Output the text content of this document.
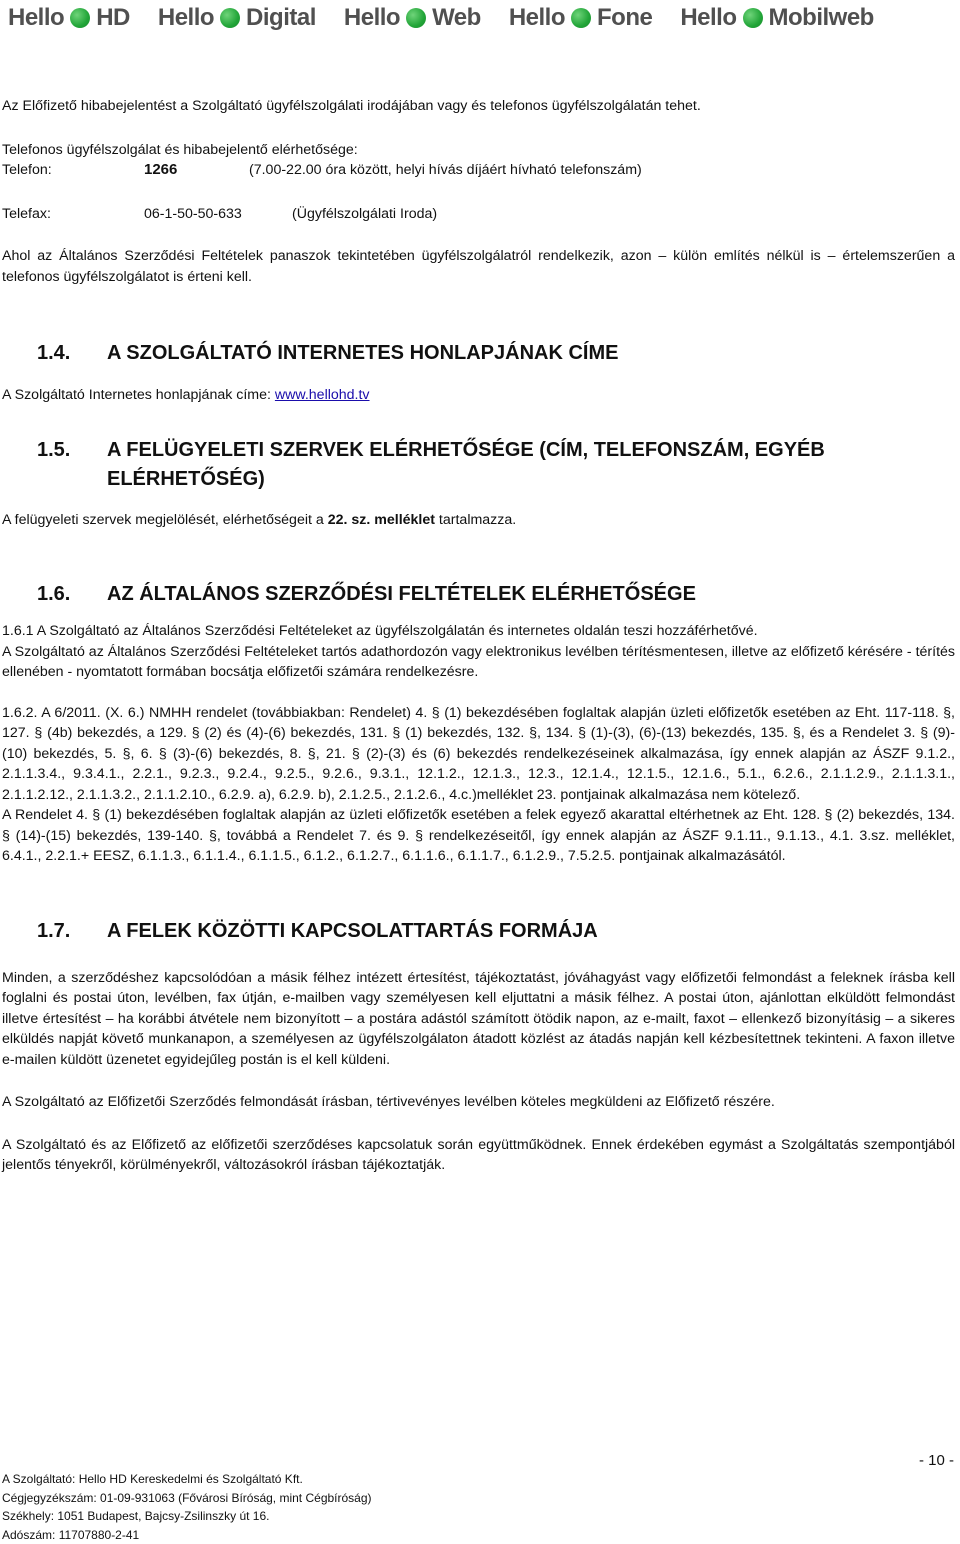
Hello HD Hello Digital Hello Web Hello Fone Hello Mobilweb

Az Előfizető hibabejelentést a Szolgáltató ügyfélszolgálati irodájában vagy és telefonos ügyfélszolgálatán tehet.

Telefonos ügyfélszolgálat és hibabejelentő elérhetősége:

Telefon:	1266	(7.00-22.00 óra között, helyi hívás díjáért hívható telefonszám)
Telefax:	06-1-50-50-633	(Ügyfélszolgálati Iroda)

Ahol az Általános Szerződési Feltételek panaszok tekintetében ügyfélszolgálatról rendelkezik, azon – külön említés nélkül is – értelemszerűen a telefonos ügyfélszolgálatot is érteni kell.

1.4.	A SZOLGÁLTATÓ INTERNETES HONLAPJÁNAK CÍME

A Szolgáltató Internetes honlapjának címe: www.hellohd.tv

1.5.	A FELÜGYELETI SZERVEK ELÉRHETŐSÉGE (CÍM, TELEFONSZÁM, EGYÉB ELÉRHETŐSÉG)

A felügyeleti szervek megjelölését, elérhetőségeit a 22. sz. melléklet tartalmazza.

1.6.	AZ ÁLTALÁNOS SZERZŐDÉSI FELTÉTELEK ELÉRHETŐSÉGE

1.6.1 A Szolgáltató az Általános Szerződési Feltételeket az ügyfélszolgálatán és internetes oldalán teszi hozzáférhetővé.

A Szolgáltató az Általános Szerződési Feltételeket tartós adathordozón vagy elektronikus levélben térítésmentesen, illetve az előfizető kérésére - térítés ellenében - nyomtatott formában bocsátja előfizetői számára rendelkezésre.

1.6.2. A 6/2011. (X. 6.) NMHH rendelet (továbbiakban: Rendelet) 4. § (1) bekezdésében foglaltak alapján üzleti előfizetők esetében az Eht. 117-118. §, 127. § (4b) bekezdés, a 129. § (2) és (4)-(6) bekezdés, 131. § (1) bekezdés, 132. §, 134. § (1)-(3), (6)-(13) bekezdés, 135. §, és a Rendelet 3. § (9)-(10) bekezdés, 5. §, 6. § (3)-(6) bekezdés, 8. §, 21. § (2)-(3) és (6) bekezdés rendelkezéseinek alkalmazása, így ennek alapján az ÁSZF 9.1.2., 2.1.1.3.4., 9.3.4.1., 2.2.1., 9.2.3., 9.2.4., 9.2.5., 9.2.6., 9.3.1., 12.1.2., 12.1.3., 12.3., 12.1.4., 12.1.5., 12.1.6., 5.1., 6.2.6., 2.1.1.2.9., 2.1.1.3.1., 2.1.1.2.12., 2.1.1.3.2., 2.1.1.2.10., 6.2.9. a), 6.2.9. b), 2.1.2.5., 2.1.2.6., 4.c.)melléklet 23. pontjainak alkalmazása nem kötelező.

A Rendelet 4. § (1) bekezdésében foglaltak alapján az üzleti előfizetők esetében a felek egyező akarattal eltérhetnek az Eht. 128. § (2) bekezdés, 134. § (14)-(15) bekezdés, 139-140. §, továbbá a Rendelet 7. és 9. § rendelkezéseitől, így ennek alapján az ÁSZF 9.1.11., 9.1.13., 4.1. 3.sz. melléklet, 6.4.1., 2.2.1.+ EESZ, 6.1.1.3., 6.1.1.4., 6.1.1.5., 6.1.2., 6.1.2.7., 6.1.1.6., 6.1.1.7., 6.1.2.9., 7.5.2.5. pontjainak alkalmazásától.

1.7.	A FELEK KÖZÖTTI KAPCSOLATTARTÁS FORMÁJA

Minden, a szerződéshez kapcsolódóan a másik félhez intézett értesítést, tájékoztatást, jóváhagyást vagy előfizetői felmondást a feleknek írásba kell foglalni és postai úton, levélben, fax útján, e-mailben vagy személyesen kell eljuttatni a másik félhez. A postai úton, ajánlottan elküldött felmondást illetve értesítést – ha korábbi átvétele nem bizonyított – a postára adástól számított ötödik napon, az e-mailt, faxot – ellenkező bizonyításig – a sikeres elküldés napját követő munkanapon, a személyesen az ügyfélszolgálaton átadott közlést az átadás napján kell kézbesítettnek tekinteni. A faxon illetve e-mailen küldött üzenetet egyidejűleg postán is el kell küldeni.

A Szolgáltató az Előfizetői Szerződés felmondását írásban, tértivevényes levélben köteles megküldeni az Előfizető részére.

A Szolgáltató és az Előfizető az előfizetői szerződéses kapcsolatuk során együttműködnek. Ennek érdekében egymást a Szolgáltatás szempontjából jelentős tényekről, körülményekről, változásokról írásban tájékoztatják.

- 10 -
A Szolgáltató: Hello HD Kereskedelmi és Szolgáltató Kft.
Cégjegyzékszám: 01-09-931063 (Fővárosi Bíróság, mint Cégbíróság)
Székhely: 1051 Budapest, Bajcsy-Zsilinszky út 16.
Adószám: 11707880-2-41
